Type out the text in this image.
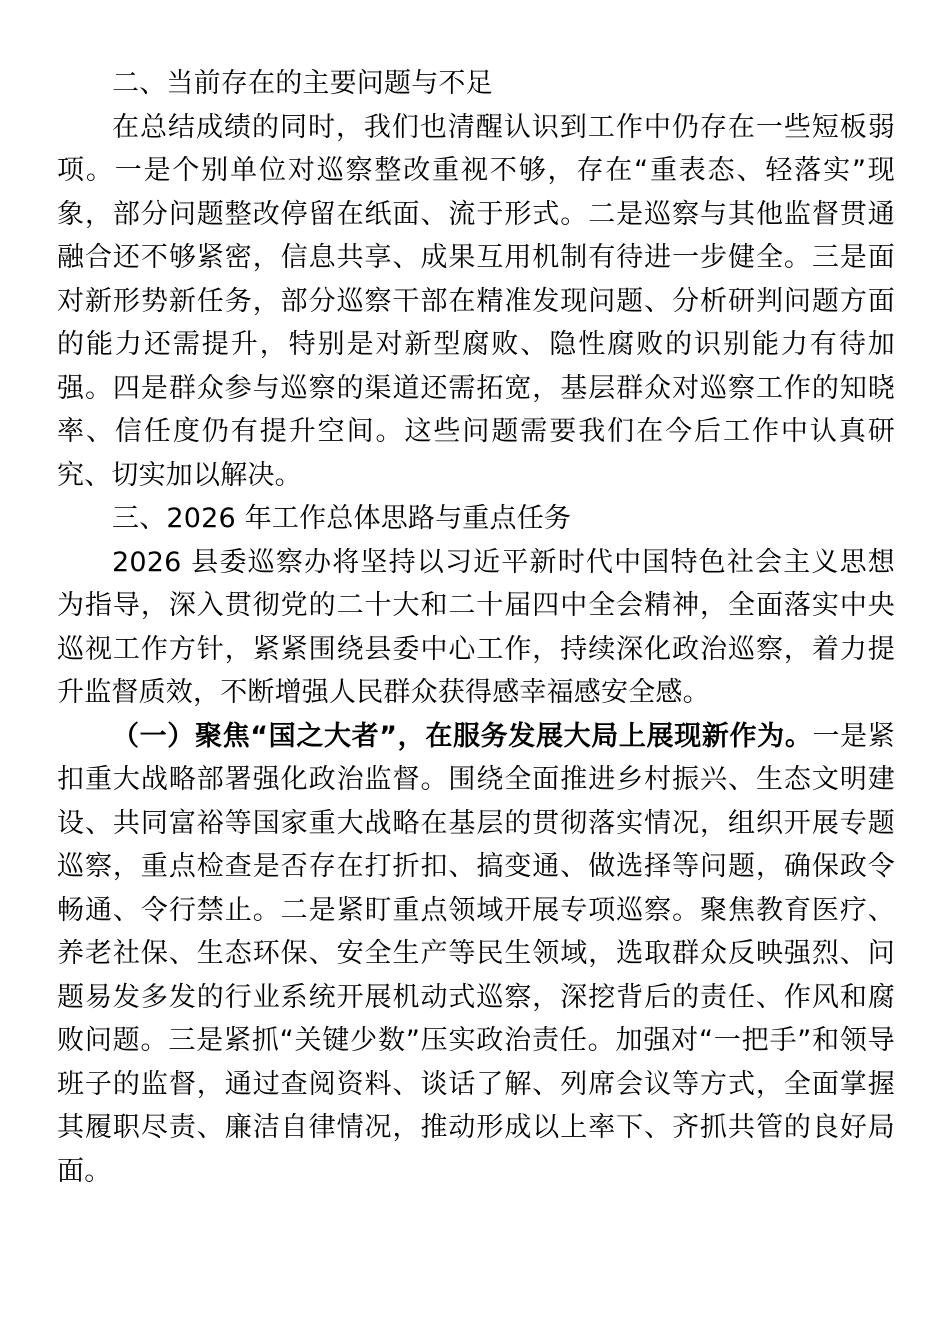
二、当前存在的主要问题与不足

在总结成绩的同时，我们也清醒认识到工作中仍存在一些短板弱项。一是个别单位对巡察整改重视不够，存在“重表态、轻落实”现象，部分问题整改停留在纸面、流于形式。二是巡察与其他监督贯通融合还不够紧密，信息共享、成果互用机制有待进一步健全。三是面对新形势新任务，部分巡察干部在精准发现问题、分析研判问题方面的能力还需提升，特别是对新型腐败、隐性腐败的识别能力有待加强。四是群众参与巡察的渠道还需拓宽，基层群众对巡察工作的知晓率、信任度仍有提升空间。这些问题需要我们在今后工作中认真研究、切实加以解决。

三、2026 年工作总体思路与重点任务

2026 县委巡察办将坚持以习近平新时代中国特色社会主义思想为指导，深入贯彻党的二十大和二十届四中全会精神，全面落实中央巡视工作方针，紧紧围绕县委中心工作，持续深化政治巡察，着力提升监督质效，不断增强人民群众获得感幸福感安全感。

（一）聚焦“国之大者”，在服务发展大局上展现新作为。一是紧扣重大战略部署强化政治监督。围绕全面推进乡村振兴、生态文明建设、共同富裕等国家重大战略在基层的贯彻落实情况，组织开展专题巡察，重点检查是否存在打折扣、搞变通、做选择等问题，确保政令畅通、令行禁止。二是紧盯重点领域开展专项巡察。聚焦教育医疗、养老社保、生态环保、安全生产等民生领域，选取群众反映强烈、问题易发多发的行业系统开展机动式巡察，深挖背后的责任、作风和腐败问题。三是紧抓“关键少数”压实政治责任。加强对“一把手”和领导班子的监督，通过查阅资料、谈话了解、列席会议等方式，全面掌握其履职尽责、廉洁自律情况，推动形成以上率下、齐抓共管的良好局面。
